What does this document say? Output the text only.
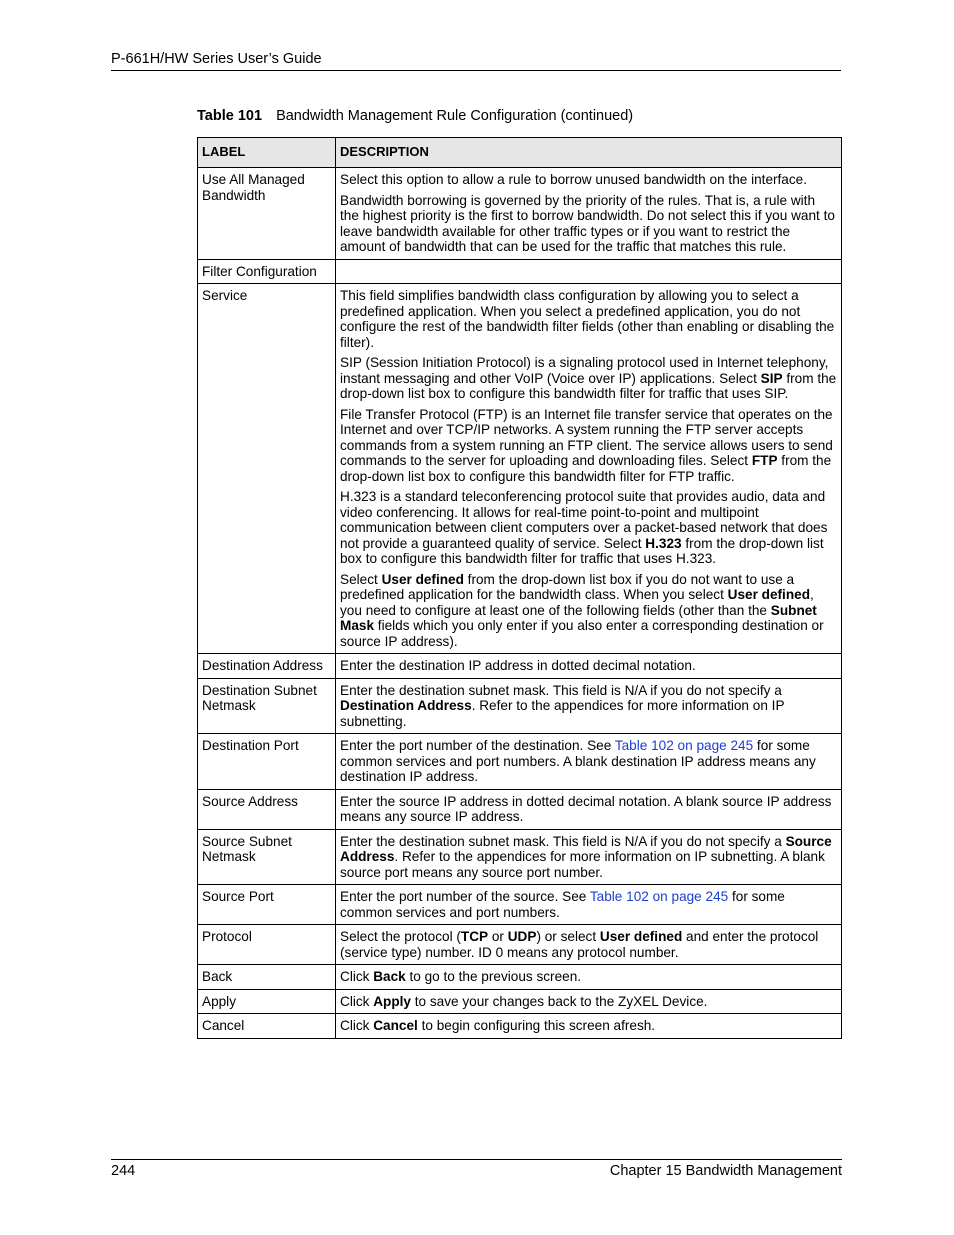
P-661H/HW Series User’s Guide
Table 101 Bandwidth Management Rule Configuration (continued)
LABEL	DESCRIPTION
Use All Managed Bandwidth	Select this option to allow a rule to borrow unused bandwidth on the interface.

Bandwidth borrowing is governed by the priority of the rules. That is, a rule with the highest priority is the first to borrow bandwidth. Do not select this if you want to leave bandwidth available for other traffic types or if you want to restrict the amount of bandwidth that can be used for the traffic that matches this rule.

Filter Configuration	
Service	This field simplifies bandwidth class configuration by allowing you to select a predefined application. When you select a predefined application, you do not configure the rest of the bandwidth filter fields (other than enabling or disabling the filter).

SIP (Session Initiation Protocol) is a signaling protocol used in Internet telephony, instant messaging and other VoIP (Voice over IP) applications. Select SIP from the drop-down list box to configure this bandwidth filter for traffic that uses SIP.

File Transfer Protocol (FTP) is an Internet file transfer service that operates on the Internet and over TCP/IP networks. A system running the FTP server accepts commands from a system running an FTP client. The service allows users to send commands to the server for uploading and downloading files. Select FTP from the drop-down list box to configure this bandwidth filter for FTP traffic.

H.323 is a standard teleconferencing protocol suite that provides audio, data and video conferencing. It allows for real-time point-to-point and multipoint communication between client computers over a packet-based network that does not provide a guaranteed quality of service. Select H.323 from the drop-down list box to configure this bandwidth filter for traffic that uses H.323.

Select User defined from the drop-down list box if you do not want to use a predefined application for the bandwidth class. When you select User defined, you need to configure at least one of the following fields (other than the Subnet Mask fields which you only enter if you also enter a corresponding destination or source IP address).

Destination Address	Enter the destination IP address in dotted decimal notation.

Destination Subnet Netmask	Enter the destination subnet mask. This field is N/A if you do not specify a Destination Address. Refer to the appendices for more information on IP subnetting.

Destination Port	Enter the port number of the destination. See Table 102 on page 245 for some common services and port numbers. A blank destination IP address means any destination IP address.

Source Address	Enter the source IP address in dotted decimal notation. A blank source IP address means any source IP address.

Source Subnet Netmask	Enter the destination subnet mask. This field is N/A if you do not specify a Source Address. Refer to the appendices for more information on IP subnetting. A blank source port means any source port number.

Source Port	Enter the port number of the source. See Table 102 on page 245 for some common services and port numbers.

Protocol	Select the protocol (TCP or UDP) or select User defined and enter the protocol (service type) number. ID 0 means any protocol number.

Back	Click Back to go to the previous screen.

Apply	Click Apply to save your changes back to the ZyXEL Device.

Cancel	Click Cancel to begin configuring this screen afresh.

244	Chapter 15 Bandwidth Management
